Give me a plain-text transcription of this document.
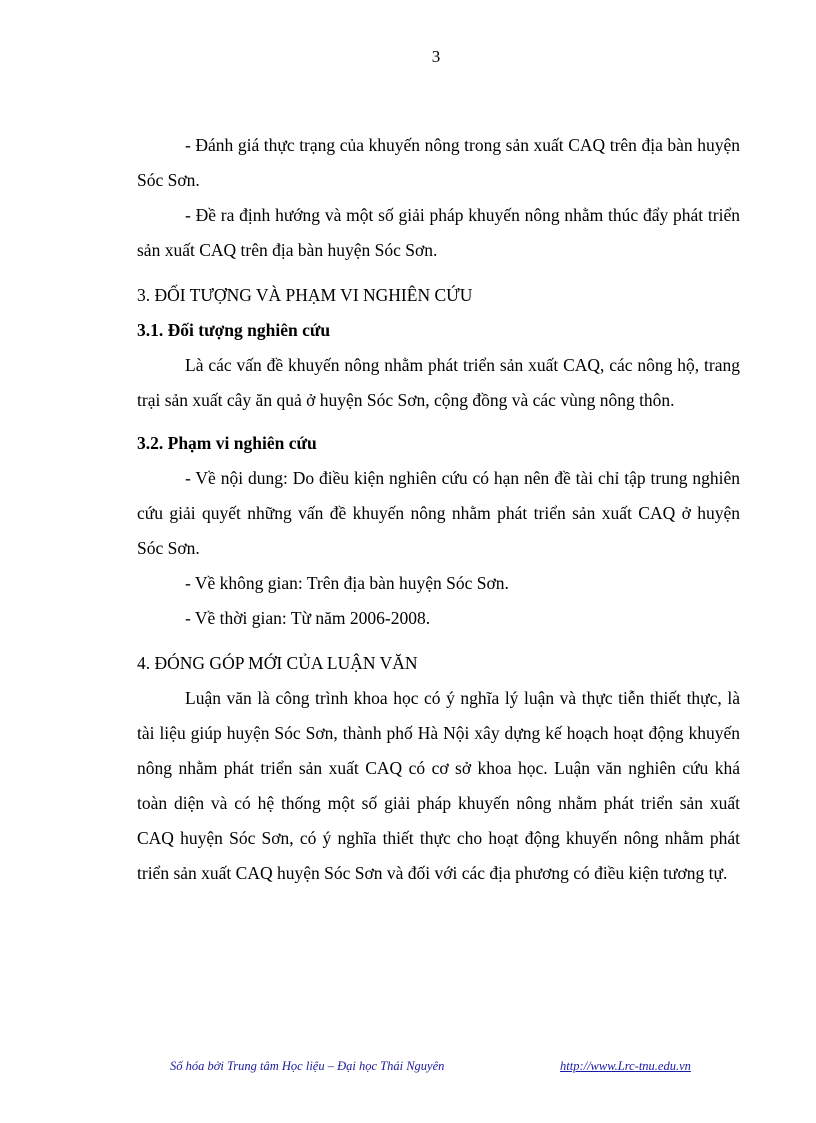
3

- Đánh giá thực trạng của khuyến nông trong sản xuất CAQ trên địa bàn huyện Sóc Sơn.

- Đề ra định hướng và một số giải pháp khuyến nông nhằm thúc đẩy phát triển sản xuất CAQ trên địa bàn huyện Sóc Sơn.

3. ĐỐI TƯỢNG VÀ PHẠM VI NGHIÊN CỨU

3.1. Đối tượng nghiên cứu

Là các vấn đề khuyến nông nhằm phát triển sản xuất CAQ, các nông hộ, trang trại sản xuất cây ăn quả ở huyện Sóc Sơn, cộng đồng và các vùng nông thôn.

3.2. Phạm vi nghiên cứu

- Về nội dung: Do điều kiện nghiên cứu có hạn nên đề tài chỉ tập trung nghiên cứu giải quyết những vấn đề khuyến nông nhằm phát triển sản xuất CAQ ở huyện Sóc Sơn.

- Về không gian: Trên địa bàn huyện Sóc Sơn.

- Về thời gian: Từ năm 2006-2008.

4. ĐÓNG GÓP MỚI CỦA LUẬN VĂN

Luận văn là công trình khoa học có ý nghĩa lý luận và thực tiễn thiết thực, là tài liệu giúp huyện Sóc Sơn, thành phố Hà Nội xây dựng kế hoạch hoạt động khuyến nông nhằm phát triển sản xuất CAQ có cơ sở khoa học. Luận văn nghiên cứu khá toàn diện và có hệ thống một số giải pháp khuyến nông nhằm phát triển sản xuất CAQ huyện Sóc Sơn, có ý nghĩa thiết thực cho hoạt động khuyến nông nhằm phát triển sản xuất CAQ huyện Sóc Sơn và đối với các địa phương có điều kiện tương tự.

Số hóa bởi Trung tâm Học liệu – Đại học Thái Nguyên	http://www.Lrc-tnu.edu.vn
